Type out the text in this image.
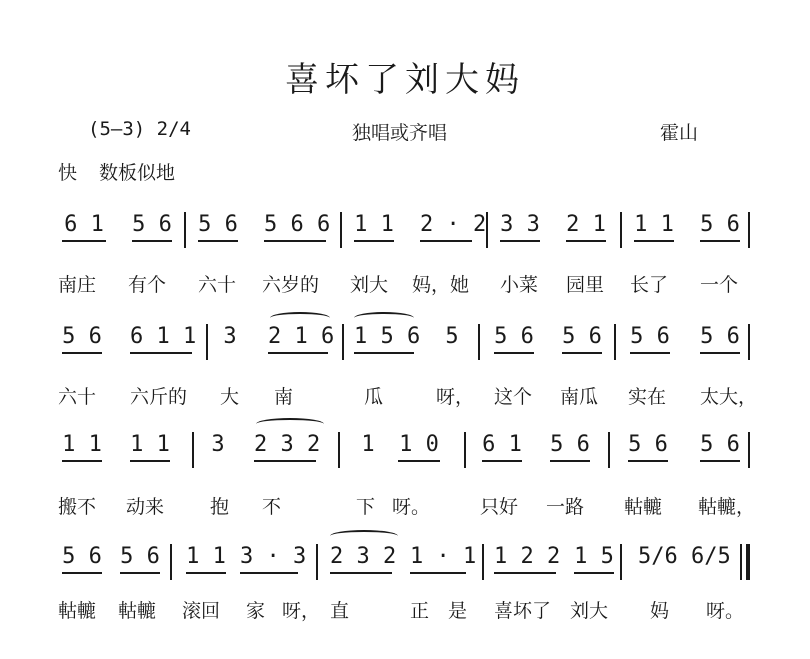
喜坏了刘大妈
(5—3) 2/4	独唱或齐唱	霍山
快 数板似地
6 1 5 6 5 6 5 6 6 1 1 2 · 2 3 3 2 1 1 1 5 6
南庄 有个 六十 六岁的 刘大 妈，她 小菜 园里 长了 一个
5 6 6 1 1 3 2 1 6 1 5 6 5 5 6 5 6 5 6 5 6
六十 六斤的 大 南	瓜	呀， 这个 南瓜 实在 太大，
1 1 1 1 3 2 3 2 1 1 0 6 1 5 6 5 6 5 6
搬不 动来 抱 不	下 呀。	只好 一路 軲轆 軲轆，
5 6 5 6 1 1 3 · 3 2 3 2 1 · 1 1 2 2 1 5 5/6 6/5
軲轆 軲轆 滚回 家 呀， 直	正 是 喜坏了 刘大 妈 呀。
